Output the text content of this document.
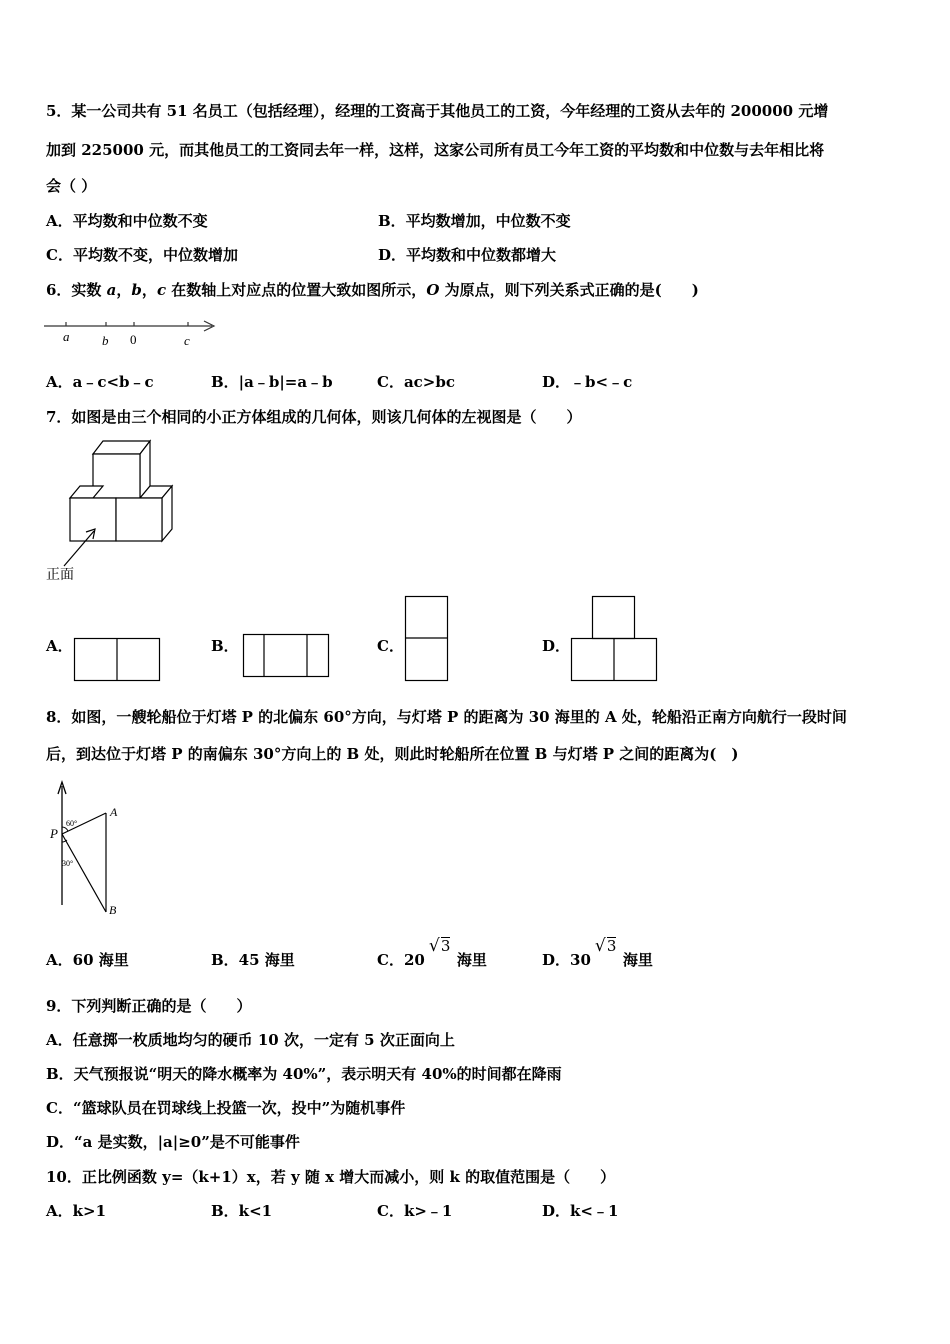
5．某一公司共有 51 名员工（包括经理），经理的工资高于其他员工的工资，今年经理的工资从去年的 200000 元增
加到 225000 元，而其他员工的工资同去年一样，这样，这家公司所有员工今年工资的平均数和中位数与去年相比将
会（ ）
A．平均数和中位数不变	B．平均数增加，中位数不变
C．平均数不变，中位数增加	D．平均数和中位数都增大
6．实数 a，b，c 在数轴上对应点的位置大致如图所示，O 为原点，则下列关系式正确的是(　　)
a	b 0	c
A．a﹣c<b﹣c	B．|a﹣b|=a﹣b	C．ac>bc	D．﹣b<﹣c
7．如图是由三个相同的小正方体组成的几何体，则该几何体的左视图是（　　）
正面
A．	B．	C．	D．
8．如图，一艘轮船位于灯塔 P 的北偏东 60°方向，与灯塔 P 的距离为 30 海里的 A 处，轮船沿正南方向航行一段时间
后，到达位于灯塔 P 的南偏东 30°方向上的 B 处，则此时轮船所在位置 B 与灯塔 P 之间的距离为(　)
P
A
B
60°
30°
A．60 海里	B．45 海里	C．20
√ 3
海里	D．30
√ 3
海里
9．下列判断正确的是（　　）
A．任意掷一枚质地均匀的硬币 10 次，一定有 5 次正面向上
B．天气预报说“明天的降水概率为 40%”，表示明天有 40%的时间都在降雨
C．“篮球队员在罚球线上投篮一次，投中”为随机事件
D．“a 是实数，|a|≥0”是不可能事件
10．正比例函数 y=（k+1）x，若 y 随 x 增大而减小，则 k 的取值范围是（　　）
A．k>1	B．k<1	C．k>﹣1	D．k<﹣1
